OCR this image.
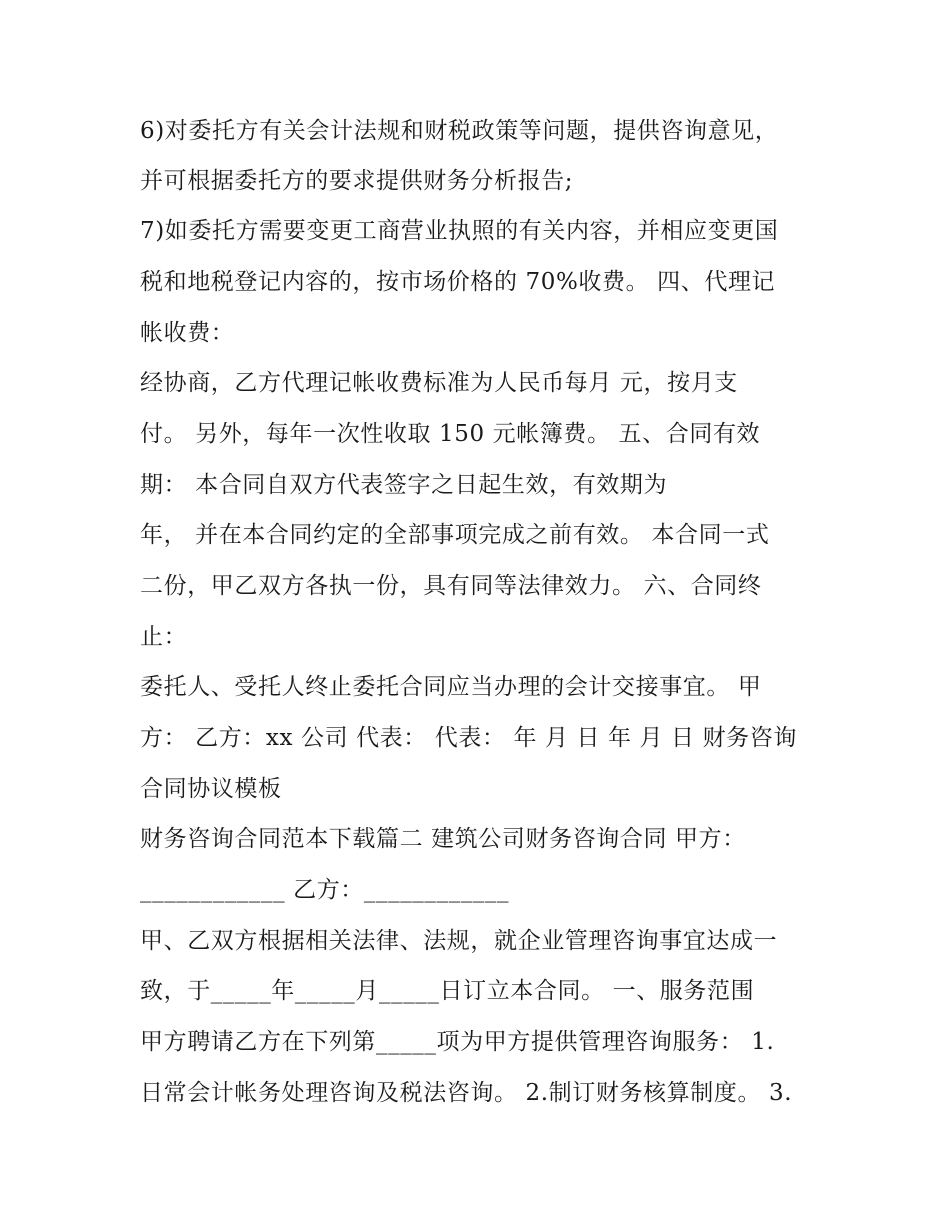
6)对委托方有关会计法规和财税政策等问题，提供咨询意见，
并可根据委托方的要求提供财务分析报告;
7)如委托方需要变更工商营业执照的有关内容，并相应变更国
税和地税登记内容的，按市场价格的 70%收费。 四、代理记
帐收费：
经协商，乙方代理记帐收费标准为人民币每月 元，按月支
付。 另外，每年一次性收取 150 元帐簿费。 五、合同有效
期： 本合同自双方代表签字之日起生效，有效期为
年， 并在本合同约定的全部事项完成之前有效。 本合同一式
二份，甲乙双方各执一份，具有同等法律效力。 六、合同终
止：
委托人、受托人终止委托合同应当办理的会计交接事宜。 甲
方： 乙方：xx 公司 代表： 代表： 年 月 日 年 月 日 财务咨询
合同协议模板
财务咨询合同范本下载篇二 建筑公司财务咨询合同 甲方：
____________ 乙方：____________
甲、乙双方根据相关法律、法规，就企业管理咨询事宜达成一
致，于_____年_____月_____日订立本合同。 一、服务范围
甲方聘请乙方在下列第_____项为甲方提供管理咨询服务： 1.
日常会计帐务处理咨询及税法咨询。 2.制订财务核算制度。 3.
